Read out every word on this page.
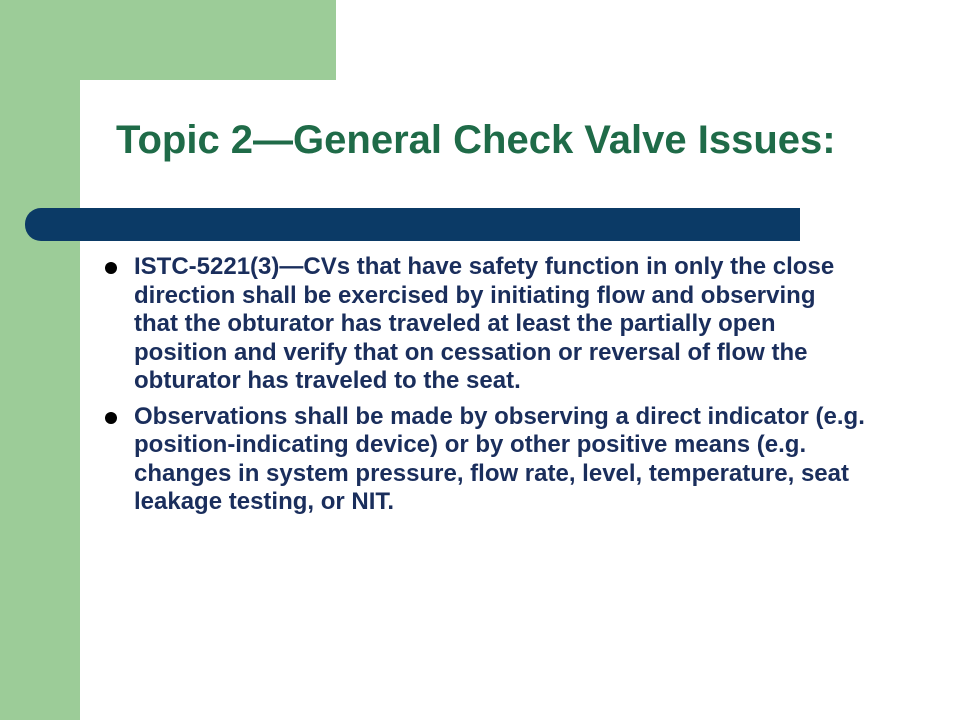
Topic 2—General Check Valve Issues:
ISTC-5221(3)—CVs that have safety function in only the close direction shall be exercised by initiating flow and observing that the obturator has traveled at least the partially open position and verify that on cessation or reversal of flow the obturator has traveled to the seat.
Observations shall be made by observing a direct indicator (e.g. position-indicating device) or by other positive means (e.g. changes in system pressure, flow rate, level, temperature, seat leakage testing, or NIT.
